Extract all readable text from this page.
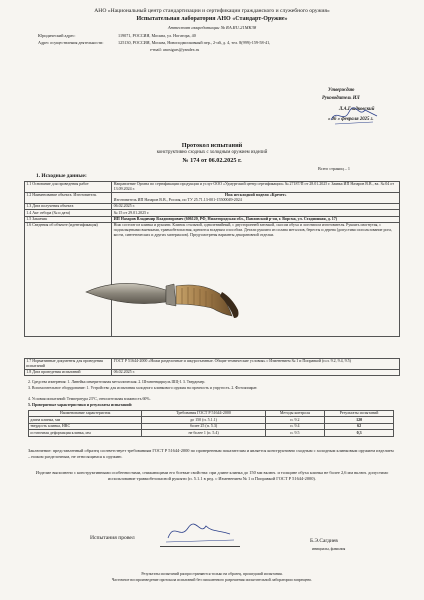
АНО «Национальный центр стандартизации и сертификации гражданского и служебного оружия»
Испытательная лаборатория АНО «Стандарт-Оружие»
Аттестат аккредитации № RA.RU.21MK38
Юридический адрес:	119071, РОССИЯ, Москва, ул. Ногатора, 40
Адрес осуществления деятельности:	125130, РОССИЯ, Москва, Новоподмосковный пер., 2-ой, д. 4, тел. 8(999)-159-58-41,
e-mail: anostgars@yandex.ru
Утверждаю
Руководитель ИЛ
Л.А.Гладковский
« 06 » февраля 2025 г.
Протокол испытаний
конструктивно сходных с холодным оружием изделий
№ 174 от 06.02.2025 г.
Всего страниц – 1
1. Исходные данные:
1.1 Основание для проведения работ	Направление Органа по сертификации продукции и услуг ООО «Удмуртский центр сертификации» № 27187/П от 28.01.2025 г. Заявка ИП Назаров В.В., вх. № 04 от 13.09.2024 г.
1.2 Наименование объекта. Изготовитель	Нож несклодной модели «Кречет»
Изготовитель ИП Назаров В.В., Россия, по ТУ 25.71.13-001-15500049-2024

1.3 Дата получения объекта	06.02.2025 г.
1.4 Акт отбора (№ и дата)	№ 15 от 29.01.2025 г.
1.5 Заказчик	ИП Назаров Владимир Владимирович (606120, РФ, Нижегородская обл., Павловский р-он, г. Ворсма, ул. Стадионная, д. 17)
1.6 Сведения об объекте (идентификация)	Нож состоит из клинка и рукояти. Клинок стальной, однолезвийный, с двусторонней заточкой, скосом обуха и логотипом изготовителя. Рукоять изогнутая, с подпальцевыми выемками, травмобезопасная, крепится всадным способом. Детали рукояти из сплава металлов, бересты и дерева (допустимо использование рога, кости, синтетических и других материалов). Предусмотрены варианты декоративной отделки.
1.7 Нормативные документы для проведения испытаний	ГОСТ Р 51644-2000 «Ножи разделочные и шкуросъемные. Общие технические условия» с Изменением № 1 и Поправкой (п.п. 9.2, 9.4, 9.5)
1.8 Дата проведения испытаний	06.02.2025 г.
2. Средства измерения: 1. Линейка измерительная металлическая. 2. Штангенциркуль ШЦ-I. 3. Твердомер.
3. Вспомогательное оборудование: 1. Устройство для испытания холодного клинкового оружия на прочность и упругость. 2. Фотоаппарат.
4. Условия испытаний: Температура 23°С, относительная влажность 60%.
5. Проверяемые характеристики и результаты испытаний:
Наименование характеристик	Требования ГОСТ Р 51644-2000	Методы контроля	Результаты испытаний
длина клинка, мм	до 150 (п. 5.1.1)	п. 9.2	120
твердость клинка, HRC	более 25 (п. 5.3)	п. 9.4	62
остаточная деформация клинка, мм	не более 1 (п. 5.4)	п. 9.5	0,3
Заключение: представленный образец соответствует требованиям ГОСТ Р 51644-2000 по проверенным показателям и является конструктивно сходным с холодным клинковым оружием изделием – ножом разделочным, не относящимся к оружию.
Изделие выполнено с конструктивными особенностями, снижающими его боевые свойства: при длине клинка до 150 мм включ. и толщине обуха клинка не более 2,6 мм включ. допустимо использование травмобезопасной рукояти (п. 5.1.1 в ред. с Изменением № 1 и Поправкой ГОСТ Р 51644-2000).
Испытания провел	Б.Э.Сагдиев
инициалы, фамилия
Результаты испытаний распространяются только на образец, прошедший испытания.
Частичное воспроизведение протокола испытаний без письменного разрешения испытательной лаборатории запрещено.
